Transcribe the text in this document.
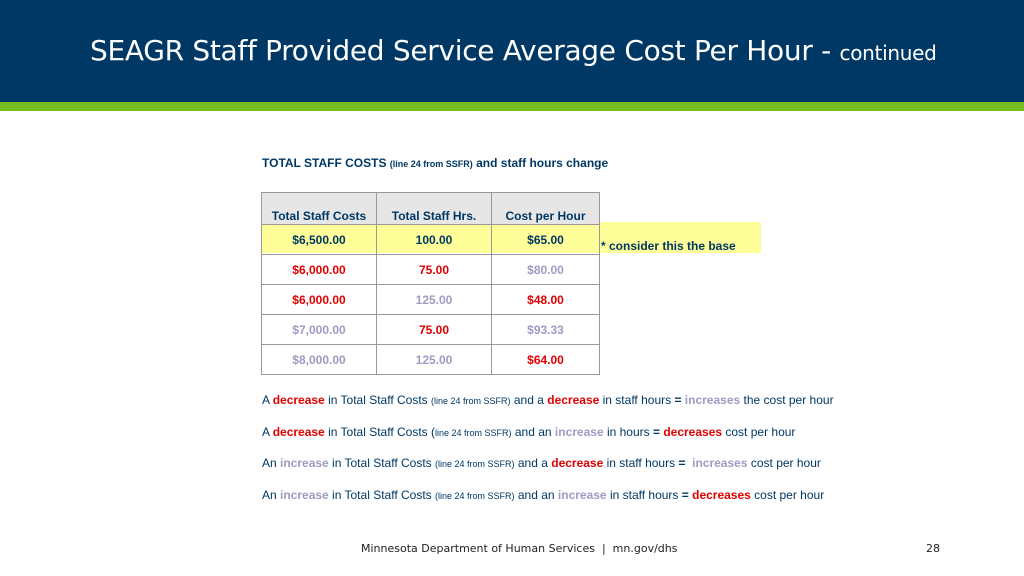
SEAGR Staff Provided Service Average Cost Per Hour - continued
TOTAL STAFF COSTS (line 24 from SSFR) and staff hours change
Total Staff Costs	Total Staff Hrs.	Cost per Hour
$6,500.00	100.00	$65.00
$6,000.00	75.00	$80.00
$6,000.00	125.00	$48.00
$7,000.00	75.00	$93.33
$8,000.00	125.00	$64.00
* consider this the base
A decrease in Total Staff Costs (line 24 from SSFR) and a decrease in staff hours = increases the cost per hour
A decrease in Total Staff Costs (line 24 from SSFR) and an increase in hours = decreases cost per hour
An increase in Total Staff Costs (line 24 from SSFR) and a decrease in staff hours =  increases cost per hour
An increase in Total Staff Costs (line 24 from SSFR) and an increase in staff hours = decreases cost per hour
Minnesota Department of Human Services  |  mn.gov/dhs	28
